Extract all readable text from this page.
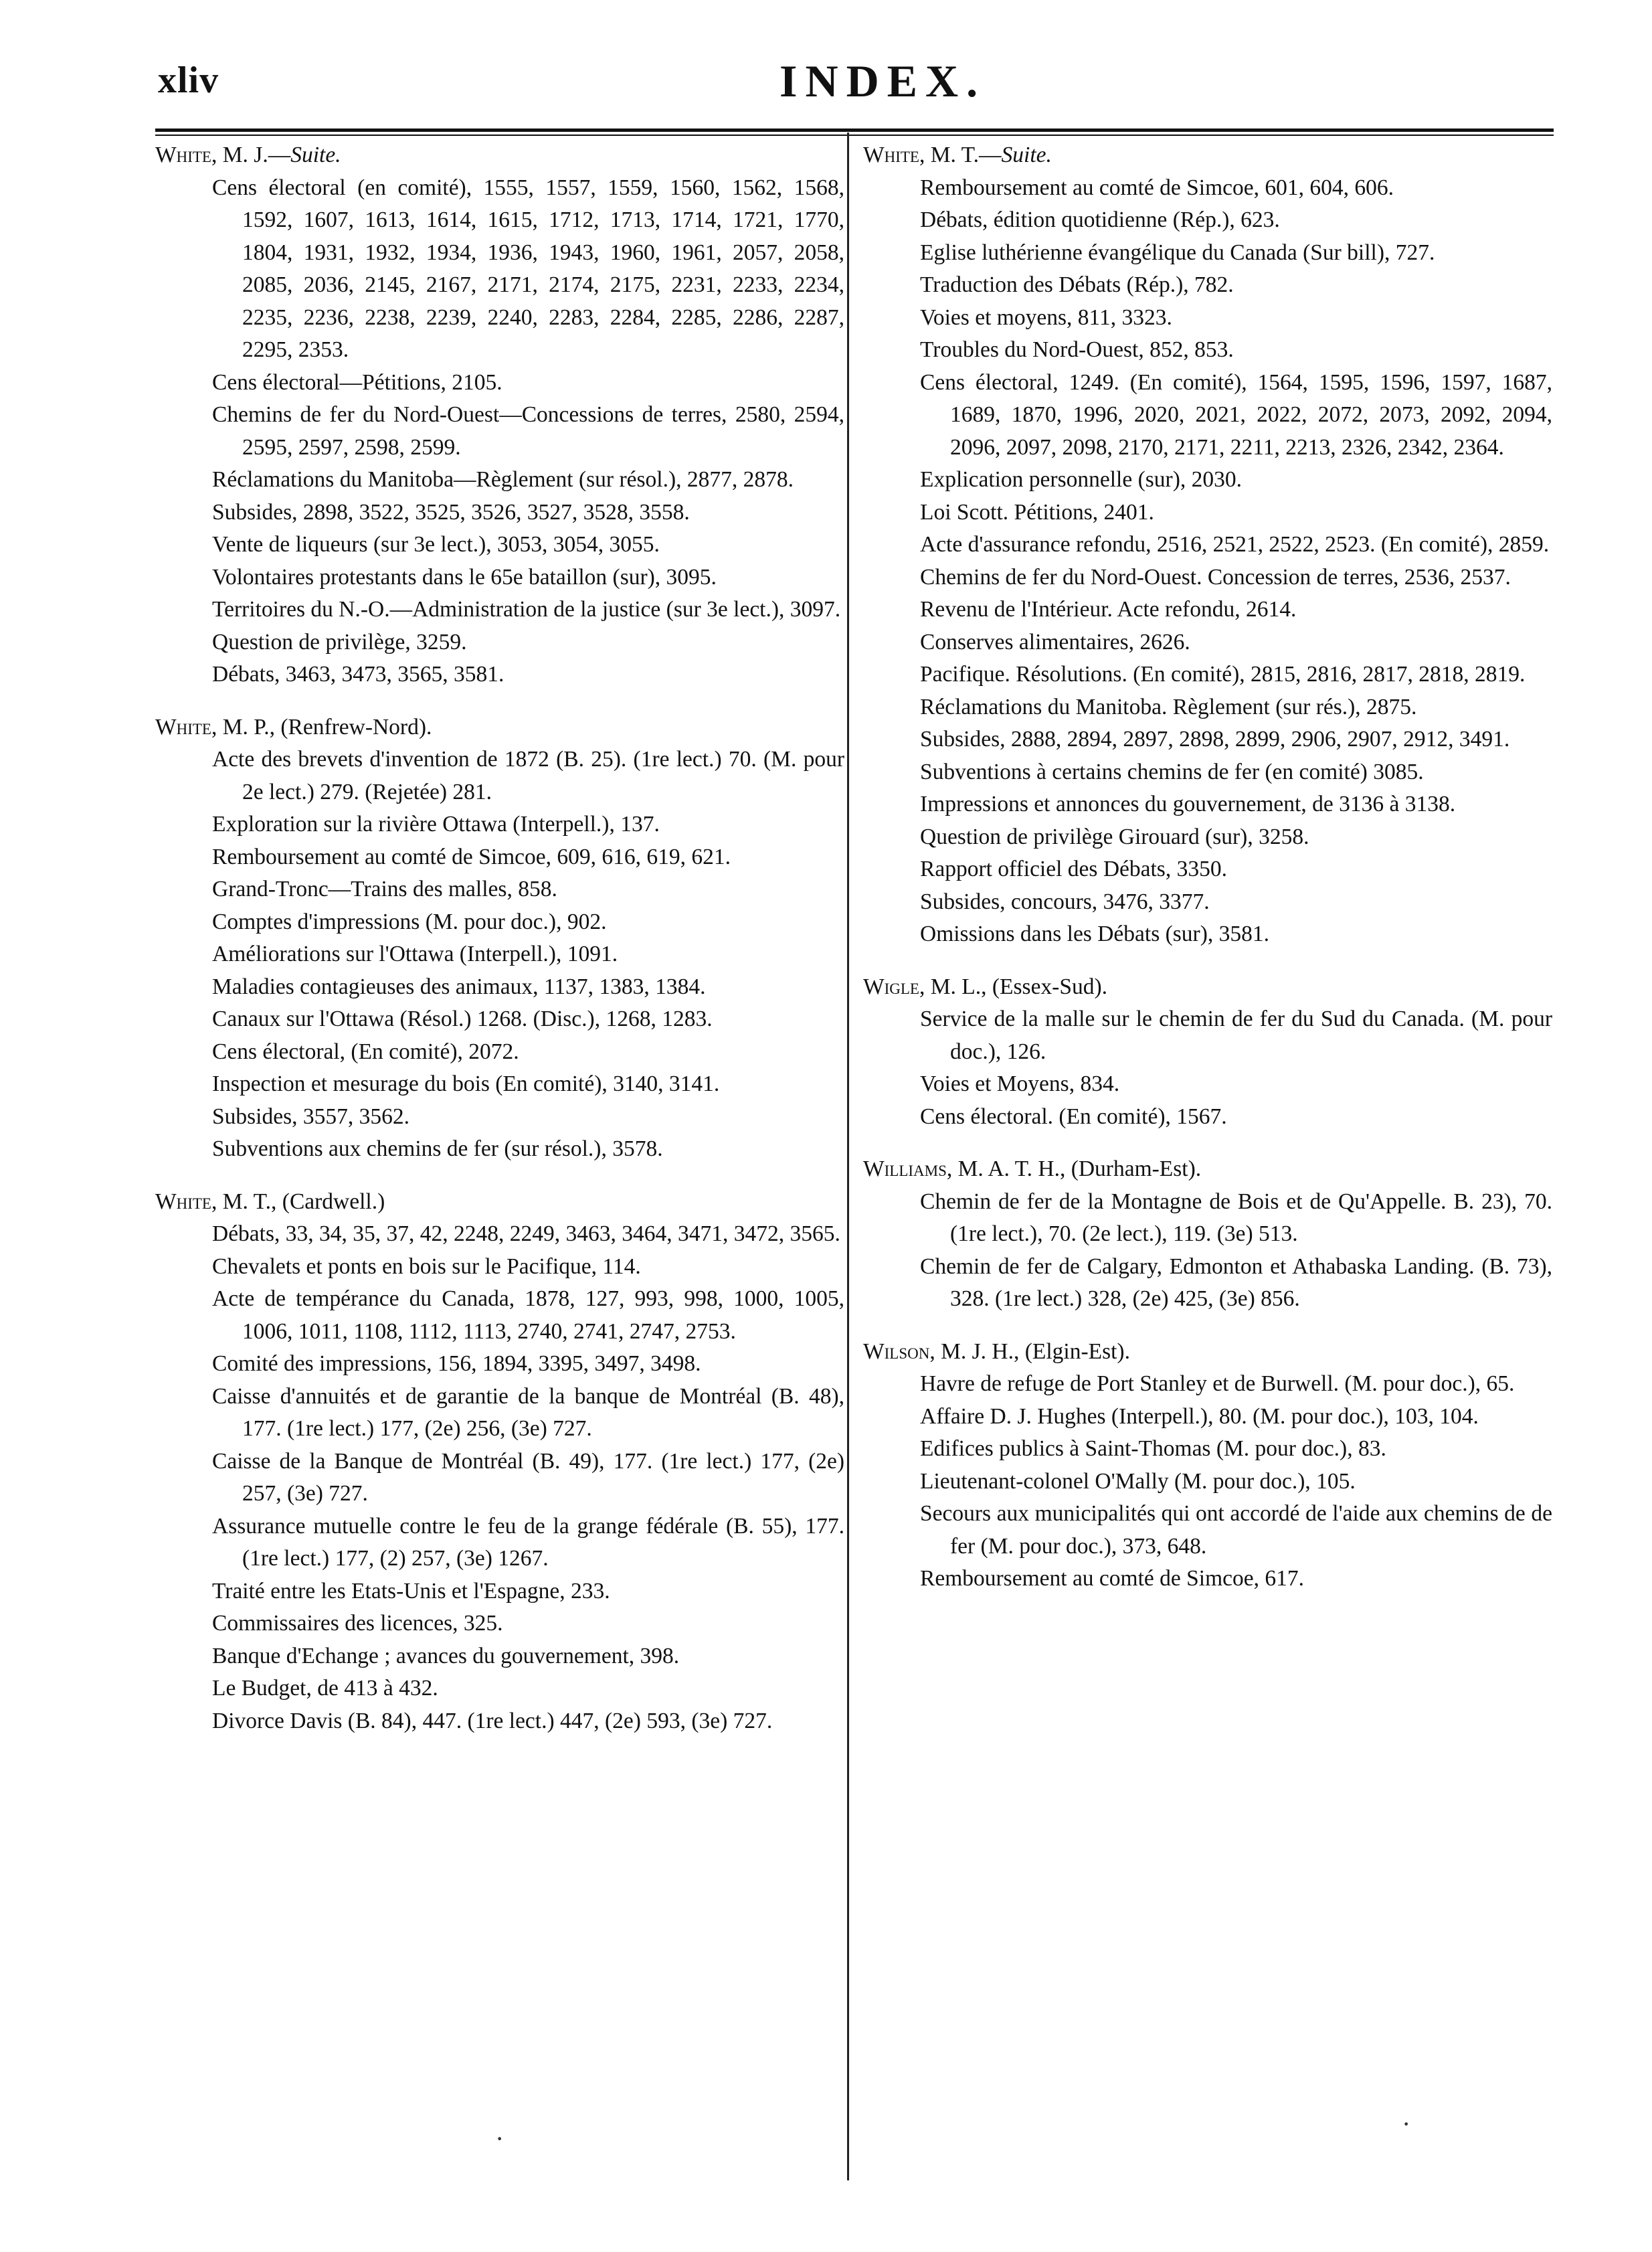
xliv	INDEX.
White, M. J.—Suite.
Cens électoral (en comité), 1555, 1557, 1559, 1560, 1562, 1568, 1592, 1607, 1613, 1614, 1615, 1712, 1713, 1714, 1721, 1770, 1804, 1931, 1932, 1934, 1936, 1943, 1960, 1961, 2057, 2058, 2085, 2036, 2145, 2167, 2171, 2174, 2175, 2231, 2233, 2234, 2235, 2236, 2238, 2239, 2240, 2283, 2284, 2285, 2286, 2287, 2295, 2353.
Cens électoral—Pétitions, 2105.
Chemins de fer du Nord-Ouest—Concessions de terres, 2580, 2594, 2595, 2597, 2598, 2599.
Réclamations du Manitoba—Règlement (sur résol.), 2877, 2878.
Subsides, 2898, 3522, 3525, 3526, 3527, 3528, 3558.
Vente de liqueurs (sur 3e lect.), 3053, 3054, 3055.
Volontaires protestants dans le 65e bataillon (sur), 3095.
Territoires du N.-O.—Administration de la justice (sur 3e lect.), 3097.
Question de privilège, 3259.
Débats, 3463, 3473, 3565, 3581.
White, M. P., (Renfrew-Nord).
Acte des brevets d'invention de 1872 (B. 25). (1re lect.) 70. (M. pour 2e lect.) 279. (Rejetée) 281.
Exploration sur la rivière Ottawa (Interpell.), 137.
Remboursement au comté de Simcoe, 609, 616, 619, 621.
Grand-Tronc—Trains des malles, 858.
Comptes d'impressions (M. pour doc.), 902.
Améliorations sur l'Ottawa (Interpell.), 1091.
Maladies contagieuses des animaux, 1137, 1383, 1384.
Canaux sur l'Ottawa (Résol.) 1268. (Disc.), 1268, 1283.
Cens électoral, (En comité), 2072.
Inspection et mesurage du bois (En comité), 3140, 3141.
Subsides, 3557, 3562.
Subventions aux chemins de fer (sur résol.), 3578.
White, M. T., (Cardwell.)
Débats, 33, 34, 35, 37, 42, 2248, 2249, 3463, 3464, 3471, 3472, 3565.
Chevalets et ponts en bois sur le Pacifique, 114.
Acte de tempérance du Canada, 1878, 127, 993, 998, 1000, 1005, 1006, 1011, 1108, 1112, 1113, 2740, 2741, 2747, 2753.
Comité des impressions, 156, 1894, 3395, 3497, 3498.
Caisse d'annuités et de garantie de la banque de Montréal (B. 48), 177. (1re lect.) 177, (2e) 256, (3e) 727.
Caisse de la Banque de Montréal (B. 49), 177. (1re lect.) 177, (2e) 257, (3e) 727.
Assurance mutuelle contre le feu de la grange fédérale (B. 55), 177. (1re lect.) 177, (2) 257, (3e) 1267.
Traité entre les Etats-Unis et l'Espagne, 233.
Commissaires des licences, 325.
Banque d'Echange ; avances du gouvernement, 398.
Le Budget, de 413 à 432.
Divorce Davis (B. 84), 447. (1re lect.) 447, (2e) 593, (3e) 727.
White, M. T.—Suite.
Remboursement au comté de Simcoe, 601, 604, 606.
Débats, édition quotidienne (Rép.), 623.
Eglise luthérienne évangélique du Canada (Sur bill), 727.
Traduction des Débats (Rép.), 782.
Voies et moyens, 811, 3323.
Troubles du Nord-Ouest, 852, 853.
Cens électoral, 1249. (En comité), 1564, 1595, 1596, 1597, 1687, 1689, 1870, 1996, 2020, 2021, 2022, 2072, 2073, 2092, 2094, 2096, 2097, 2098, 2170, 2171, 2211, 2213, 2326, 2342, 2364.
Explication personnelle (sur), 2030.
Loi Scott. Pétitions, 2401.
Acte d'assurance refondu, 2516, 2521, 2522, 2523. (En comité), 2859.
Chemins de fer du Nord-Ouest. Concession de terres, 2536, 2537.
Revenu de l'Intérieur. Acte refondu, 2614.
Conserves alimentaires, 2626.
Pacifique. Résolutions. (En comité), 2815, 2816, 2817, 2818, 2819.
Réclamations du Manitoba. Règlement (sur rés.), 2875.
Subsides, 2888, 2894, 2897, 2898, 2899, 2906, 2907, 2912, 3491.
Subventions à certains chemins de fer (en comité) 3085.
Impressions et annonces du gouvernement, de 3136 à 3138.
Question de privilège Girouard (sur), 3258.
Rapport officiel des Débats, 3350.
Subsides, concours, 3476, 3377.
Omissions dans les Débats (sur), 3581.
Wigle, M. L., (Essex-Sud).
Service de la malle sur le chemin de fer du Sud du Canada. (M. pour doc.), 126.
Voies et Moyens, 834.
Cens électoral. (En comité), 1567.
Williams, M. A. T. H., (Durham-Est).
Chemin de fer de la Montagne de Bois et de Qu'Appelle. B. 23), 70. (1re lect.), 70. (2e lect.), 119. (3e) 513.
Chemin de fer de Calgary, Edmonton et Athabaska Landing. (B. 73), 328. (1re lect.) 328, (2e) 425, (3e) 856.
Wilson, M. J. H., (Elgin-Est).
Havre de refuge de Port Stanley et de Burwell. (M. pour doc.), 65.
Affaire D. J. Hughes (Interpell.), 80. (M. pour doc.), 103, 104.
Edifices publics à Saint-Thomas (M. pour doc.), 83.
Lieutenant-colonel O'Mally (M. pour doc.), 105.
Secours aux municipalités qui ont accordé de l'aide aux chemins de de fer (M. pour doc.), 373, 648.
Remboursement au comté de Simcoe, 617.
·	·
